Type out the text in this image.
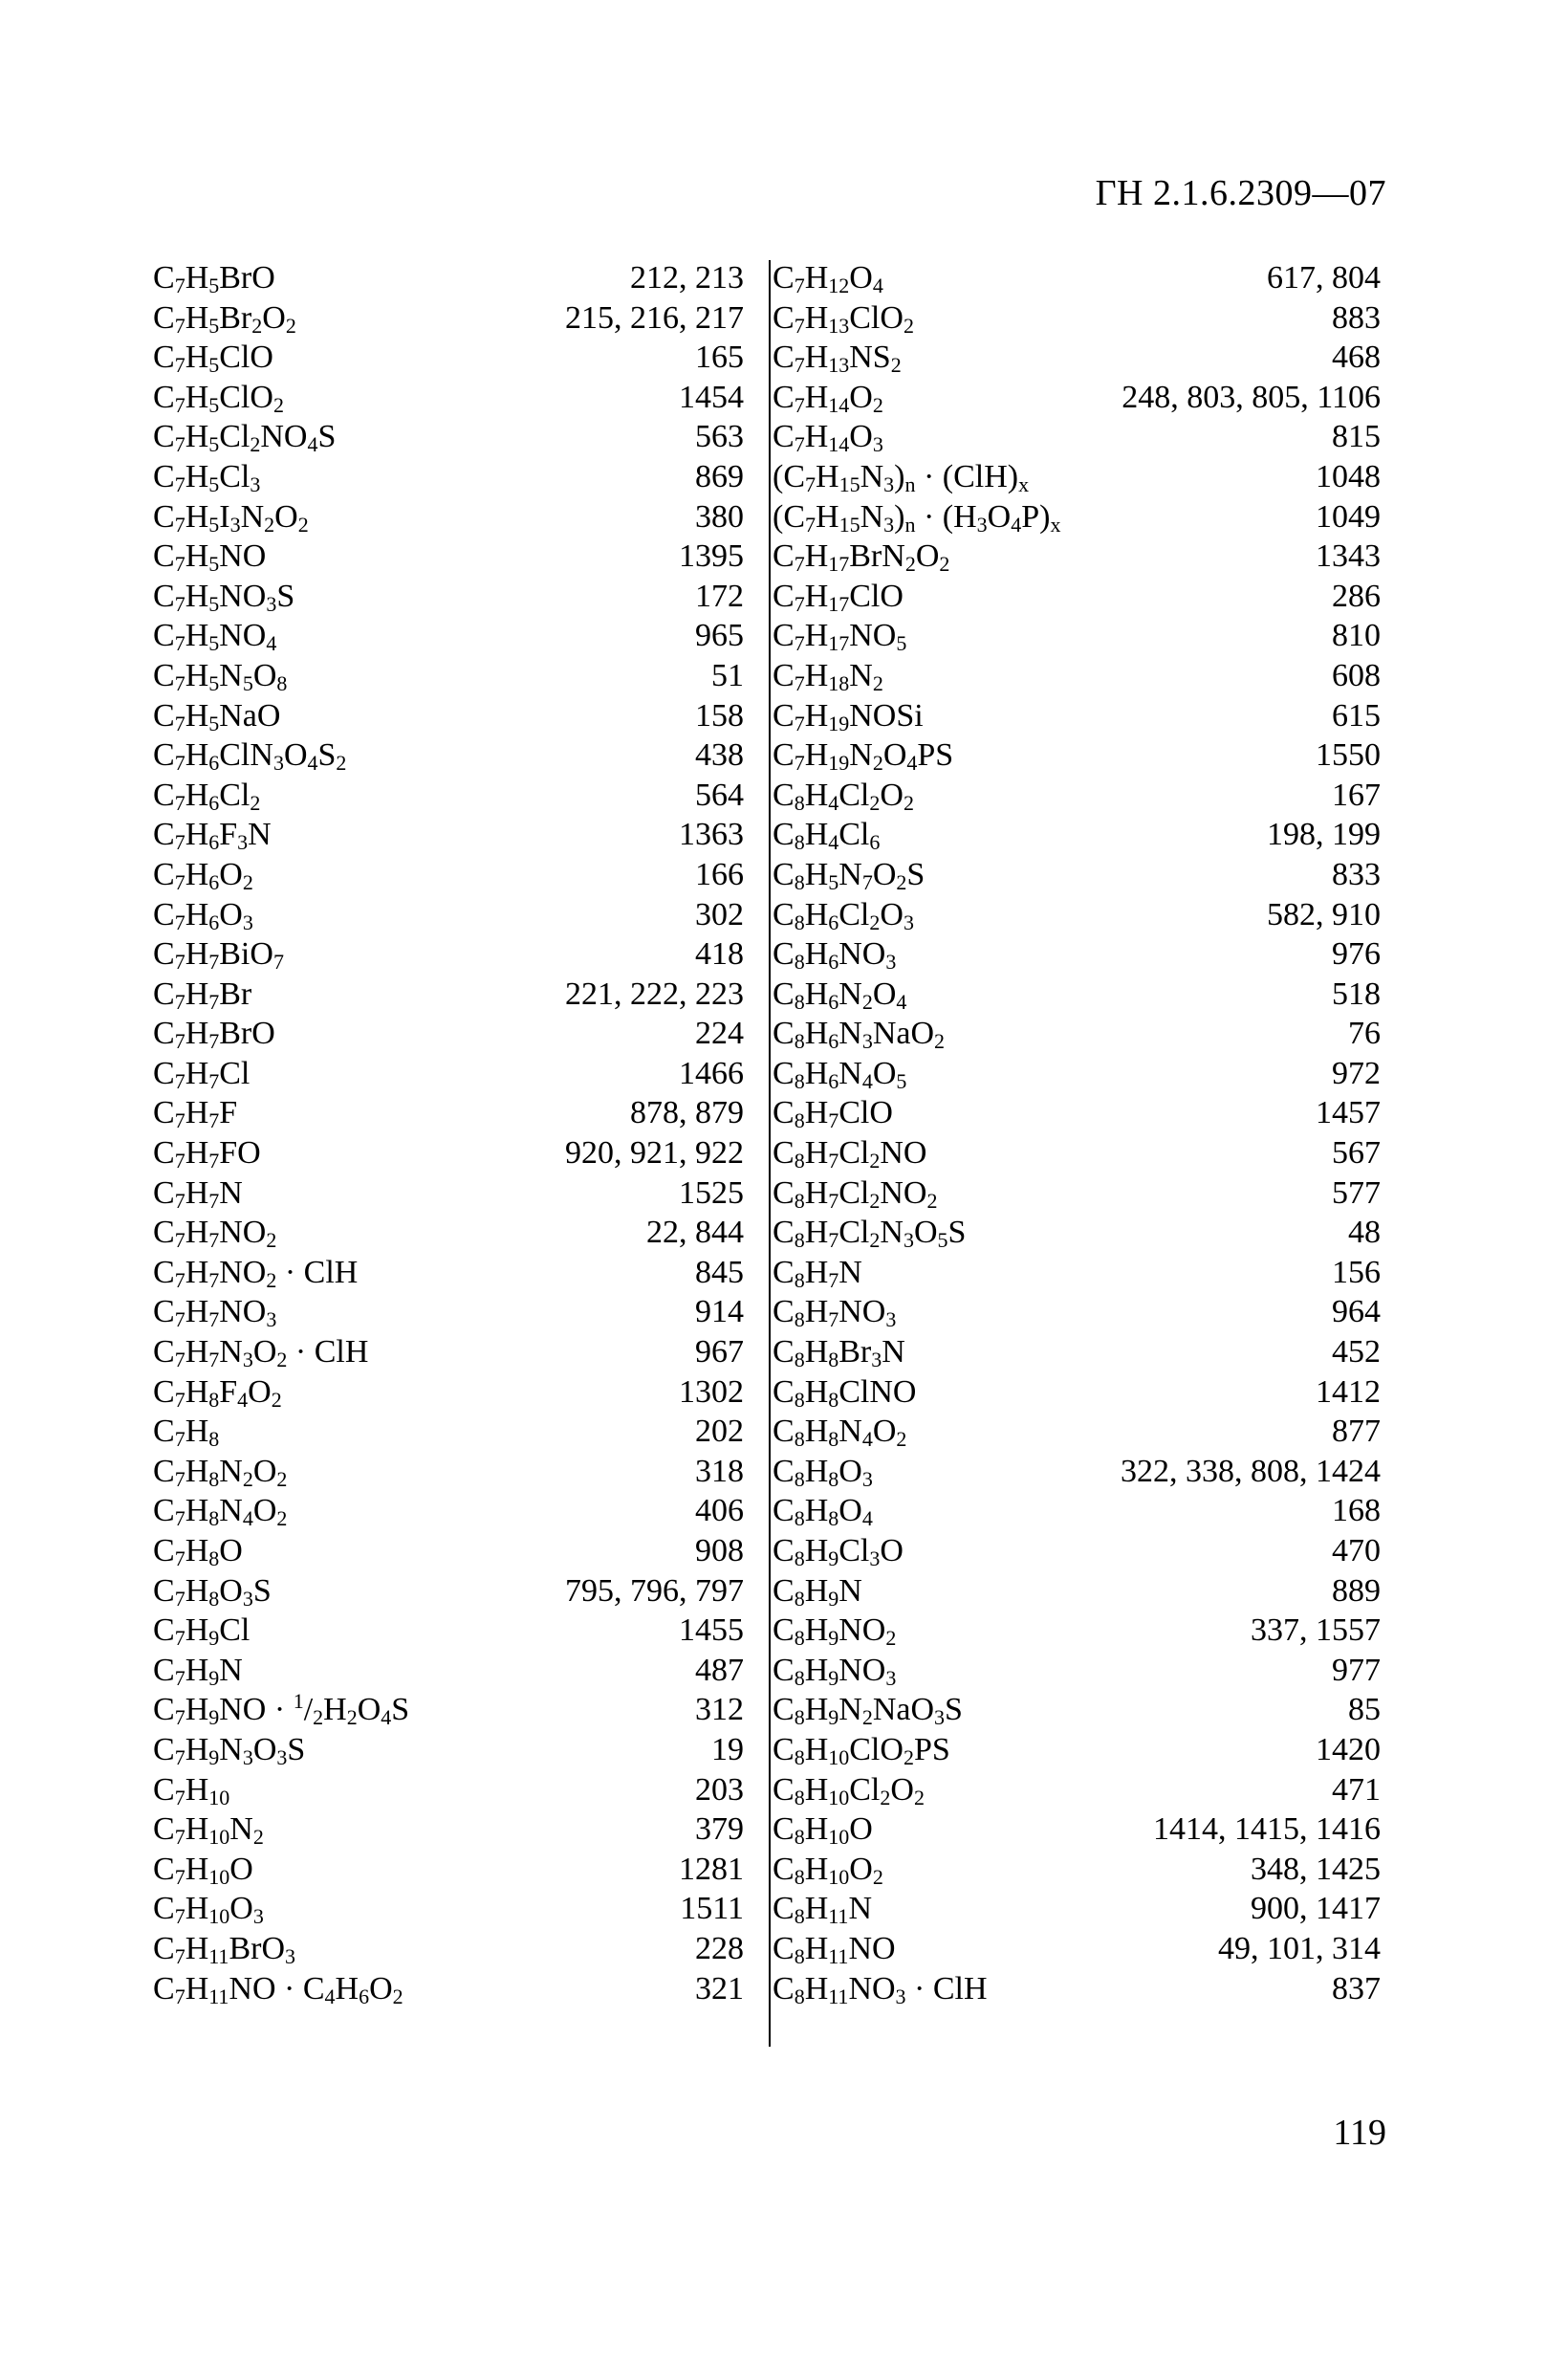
ГН 2.1.6.2309—07
$C_7H_5BrO$	212, 213
$C_7H_5Br_2O_2$	215, 216, 217
$C_7H_5ClO$	165
$C_7H_5ClO_2$	1454
$C_7H_5Cl_2NO_4S$	563
$C_7H_5Cl_3$	869
$C_7H_5I_3N_2O_2$	380
$C_7H_5NO$	1395
$C_7H_5NO_3S$	172
$C_7H_5NO_4$	965
$C_7H_5N_5O_8$	51
$C_7H_5NaO$	158
$C_7H_6ClN_3O_4S_2$	438
$C_7H_6Cl_2$	564
$C_7H_6F_3N$	1363
$C_7H_6O_2$	166
$C_7H_6O_3$	302
$C_7H_7BiO_7$	418
$C_7H_7Br$	221, 222, 223
$C_7H_7BrO$	224
$C_7H_7Cl$	1466
$C_7H_7F$	878, 879
$C_7H_7FO$	920, 921, 922
$C_7H_7N$	1525
$C_7H_7NO_2$	22, 844
$C_7H_7NO_2$ · ClH	845
$C_7H_7NO_3$	914
$C_7H_7N_3O_2$ · ClH	967
$C_7H_8F_4O_2$	1302
$C_7H_8$	202
$C_7H_8N_2O_2$	318
$C_7H_8N_4O_2$	406
$C_7H_8O$	908
$C_7H_8O_3S$	795, 796, 797
$C_7H_9Cl$	1455
$C_7H_9N$	487
$C_7H_9NO \cdot ^1/_2H_2O_4S$	312
$C_7H_9N_3O_3S$	19
$C_7H_{10}$	203
$C_7H_{10}N_2$	379
$C_7H_{10}O$	1281
$C_7H_{10}O_3$	1511
$C_7H_{11}BrO_3$	228
$C_7H_{11}NO \cdot C_4H_6O_2$	321
$C_7H_{12}O_4$	617, 804
$C_7H_{13}ClO_2$	883
$C_7H_{13}NS_2$	468
$C_7H_{14}O_2$	248, 803, 805, 1106
$C_7H_{14}O_3$	815
$(C_7H_{15}N_3)_n \cdot (ClH)_x$	1048
$(C_7H_{15}N_3)_n \cdot (H_3O_4P)_x$	1049
$C_7H_{17}BrN_2O_2$	1343
$C_7H_{17}ClO$	286
$C_7H_{17}NO_5$	810
$C_7H_{18}N_2$	608
$C_7H_{19}NOSi$	615
$C_7H_{19}N_2O_4PS$	1550
$C_8H_4Cl_2O_2$	167
$C_8H_4Cl_6$	198, 199
$C_8H_5N_7O_2S$	833
$C_8H_6Cl_2O_3$	582, 910
$C_8H_6NO_3$	976
$C_8H_6N_2O_4$	518
$C_8H_6N_3NaO_2$	76
$C_8H_6N_4O_5$	972
$C_8H_7ClO$	1457
$C_8H_7Cl_2NO$	567
$C_8H_7Cl_2NO_2$	577
$C_8H_7Cl_2N_3O_5S$	48
$C_8H_7N$	156
$C_8H_7NO_3$	964
$C_8H_8Br_3N$	452
$C_8H_8ClNO$	1412
$C_8H_8N_4O_2$	877
$C_8H_8O_3$	322, 338, 808, 1424
$C_8H_8O_4$	168
$C_8H_9Cl_3O$	470
$C_8H_9N$	889
$C_8H_9NO_2$	337, 1557
$C_8H_9NO_3$	977
$C_8H_9N_2NaO_3S$	85
$C_8H_{10}ClO_2PS$	1420
$C_8H_{10}Cl_2O_2$	471
$C_8H_{10}O$	1414, 1415, 1416
$C_8H_{10}O_2$	348, 1425
$C_8H_{11}N$	900, 1417
$C_8H_{11}NO$	49, 101, 314
$C_8H_{11}NO_3$ · ClH	837
119
